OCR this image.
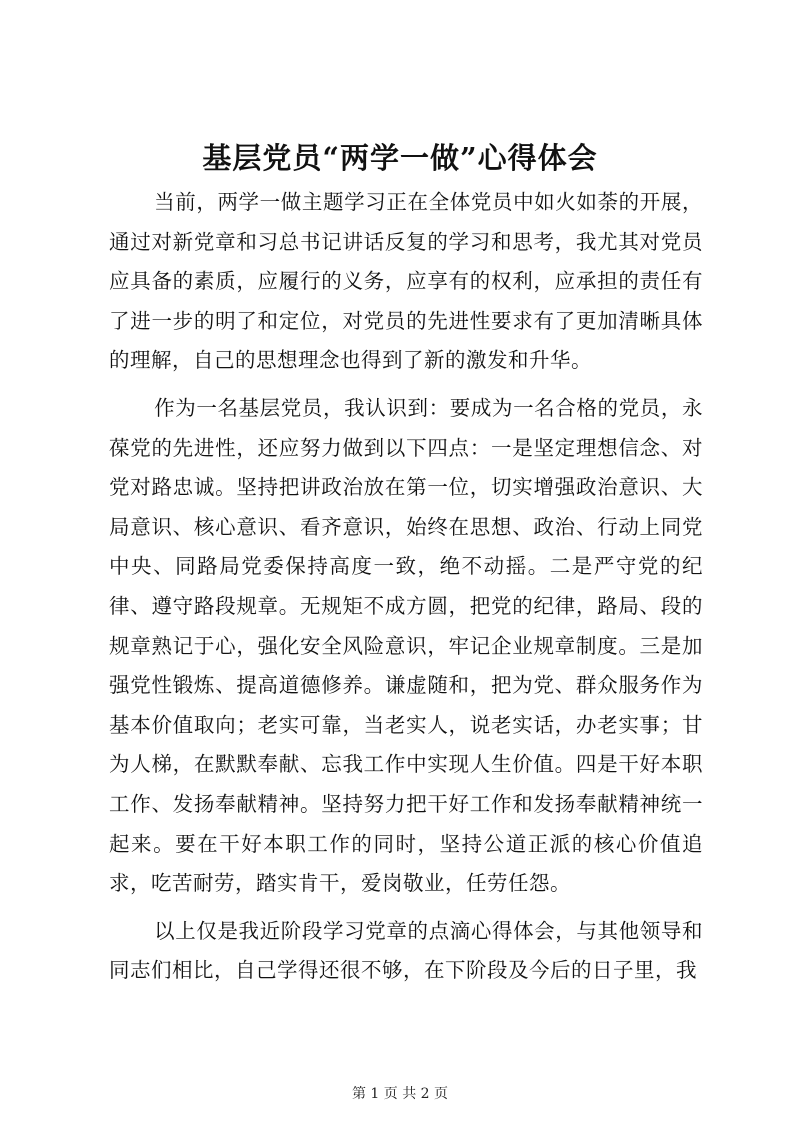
基层党员“两学一做”心得体会

当前，两学一做主题学习正在全体党员中如火如荼的开展，通过对新党章和习总书记讲话反复的学习和思考，我尤其对党员应具备的素质，应履行的义务，应享有的权利，应承担的责任有了进一步的明了和定位，对党员的先进性要求有了更加清晰具体的理解，自己的思想理念也得到了新的激发和升华。

作为一名基层党员，我认识到：要成为一名合格的党员，永葆党的先进性，还应努力做到以下四点：一是坚定理想信念、对党对路忠诚。坚持把讲政治放在第一位，切实增强政治意识、大局意识、核心意识、看齐意识，始终在思想、政治、行动上同党中央、同路局党委保持高度一致，绝不动摇。二是严守党的纪律、遵守路段规章。无规矩不成方圆，把党的纪律，路局、段的规章熟记于心，强化安全风险意识，牢记企业规章制度。三是加强党性锻炼、提高道德修养。谦虚随和，把为党、群众服务作为基本价值取向；老实可靠，当老实人，说老实话，办老实事；甘为人梯，在默默奉献、忘我工作中实现人生价值。四是干好本职工作、发扬奉献精神。坚持努力把干好工作和发扬奉献精神统一起来。要在干好本职工作的同时，坚持公道正派的核心价值追求，吃苦耐劳，踏实肯干，爱岗敬业，任劳任怨。

以上仅是我近阶段学习党章的点滴心得体会，与其他领导和同志们相比，自己学得还很不够，在下阶段及今后的日子里，我

第 1 页 共 2 页
